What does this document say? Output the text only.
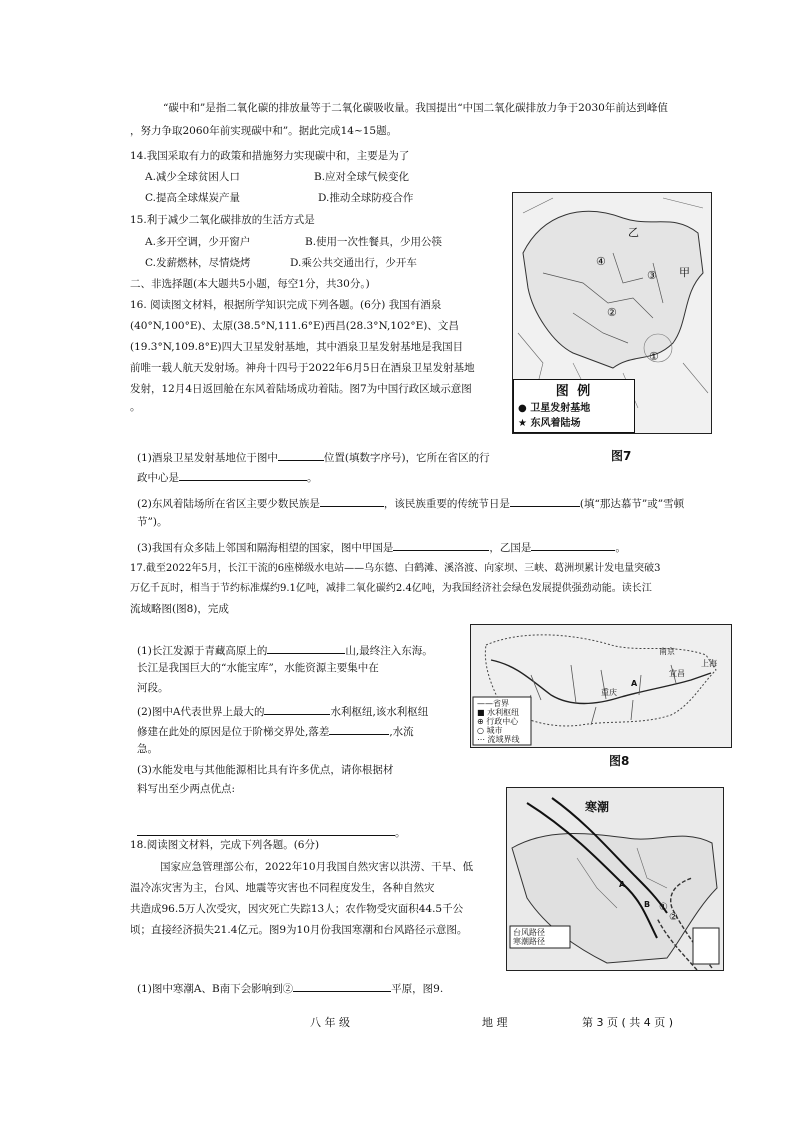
“碳中和”是指二氧化碳的排放量等于二氧化碳吸收量。我国提出“中国二氧化碳排放力争于2030年前达到峰值
，努力争取2060年前实现碳中和”。据此完成14~15题。
14.我国采取有力的政策和措施努力实现碳中和，主要是为了
A.减少全球贫困人口	B.应对全球气候变化
C.提高全球煤炭产量	D.推动全球防疫合作
15.利于减少二氧化碳排放的生活方式是
A.多开空调，少开窗户	B.使用一次性餐具，少用公筷
C.发薪燃林，尽情烧烤	D.乘公共交通出行，少开车
二、非选择题(本大题共5小题，每空1分，共30分。)
16. 阅读图文材料，根据所学知识完成下列各题。(6分) 我国有酒泉
(40°N,100°E)、太原(38.5°N,111.6°E)西昌(28.3°N,102°E)、文昌
(19.3°N,109.8°E)四大卫星发射基地，其中酒泉卫星发射基地是我国目
前唯一载人航天发射场。神舟十四号于2022年6月5日在酒泉卫星发射基地
发射，12月4日返回舱在东风着陆场成功着陆。图7为中国行政区域示意图
。
乙
甲
④
③
②
①
图 例
● 卫星发射基地
★ 东风着陆场
(1)酒泉卫星发射基地位于图中	位置(填数字序号)，它所在省区的行	图7
政中心是	。
(2)东风着陆场所在省区主要少数民族是	，该民族重要的传统节日是	(填“那达慕节”或”雪顿
节”)。
(3)我国有众多陆上邻国和隔海相望的国家，图中甲国是	，乙国是	。
17.截至2022年5月，长江干流的6座梯级水电站——乌东德、白鹤滩、溪洛渡、向家坝、三峡、葛洲坝累计发电量突破3
万亿千瓦时，相当于节约标准煤约9.1亿吨，减排二氧化碳约2.4亿吨，为我国经济社会绿色发展提供强劲动能。读长江
流域略图(图8)，完成
(1)长江发源于青藏高原上的	山,最终注入东海。
长江是我国巨大的“水能宝库”，水能资源主要集中在
河段。
(2)图中A代表世界上最大的	水利枢纽,该水利枢纽
修建在此处的原因是位于阶梯交界处,落差	,水流
急。
(3)水能发电与其他能源相比具有许多优点，请你根据材
料写出至少两点优点:
。
南京
上海
重庆
宜昌
A
——省界
■ 水利枢纽
⊕ 行政中心
○ 城市
⋯ 流域界线
图8
18.阅读图文材料，完成下列各题。(6分)
国家应急管理部公布，2022年10月我国自然灾害以洪涝、干旱、低
温冷冻灾害为主，台风、地震等灾害也不同程度发生，各种自然灾
共造成96.5万人次受灾，因灾死亡失踪13人；农作物受灾面积44.5千公
顷；直接经济损失21.4亿元。图9为10月份我国寒潮和台风路径示意图。
(1)图中寒潮A、B南下会影响到②	平原，图9.
寒潮
A
B ①
②
台风路径
寒潮路径
八 年 级	地 理	第 3 页 ( 共 4 页 )
